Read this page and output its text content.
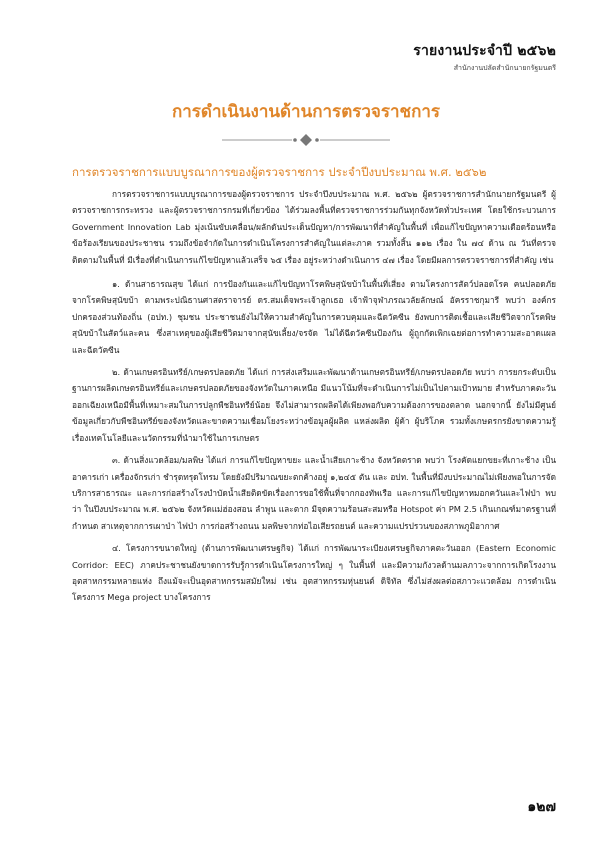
รายงานประจำปี ๒๕๖๒
สำนักงานปลัดสำนักนายกรัฐมนตรี
การดำเนินงานด้านการตรวจราชการ
การตรวจราชการแบบบูรณาการของผู้ตรวจราชการ ประจำปีงบประมาณ พ.ศ. ๒๕๖๒

การตรวจราชการแบบบูรณาการของผู้ตรวจราชการ ประจำปีงบประมาณ พ.ศ. ๒๕๖๒ ผู้ตรวจราชการสำนักนายกรัฐมนตรี ผู้ตรวจราชการกระทรวง และผู้ตรวจราชการกรมที่เกี่ยวข้อง ได้ร่วมลงพื้นที่ตรวจราชการร่วมกันทุกจังหวัดทั่วประเทศ โดยใช้กระบวนการ Government Innovation Lab มุ่งเน้นขับเคลื่อน/ผลักดันประเด็นปัญหา/การพัฒนาที่สำคัญในพื้นที่ เพื่อแก้ไขปัญหาความเดือดร้อนหรือข้อร้องเรียนของประชาชน รวมถึงข้อจำกัดในการดำเนินโครงการสำคัญในแต่ละภาค รวมทั้งสิ้น ๑๑๒ เรื่อง ใน ๗๔ ด้าน ณ วันที่ตรวจติดตามในพื้นที่ มีเรื่องที่ดำเนินการแก้ไขปัญหาแล้วเสร็จ ๖๕ เรื่อง อยู่ระหว่างดำเนินการ ๔๗ เรื่อง โดยมีผลการตรวจราชการที่สำคัญ เช่น

๑. ด้านสาธารณสุข ได้แก่ การป้องกันและแก้ไขปัญหาโรคพิษสุนัขบ้าในพื้นที่เสี่ยง ตามโครงการสัตว์ปลอดโรค คนปลอดภัย จากโรคพิษสุนัขบ้า ตามพระปณิธานศาสตราจารย์ ดร.สมเด็จพระเจ้าลูกเธอ เจ้าฟ้าจุฬาภรณวลัยลักษณ์ อัครราชกุมารี พบว่า องค์กรปกครองส่วนท้องถิ่น (อปท.) ชุมชน ประชาชนยังไม่ให้ความสำคัญในการควบคุมและฉีดวัคซีน ยังพบการติดเชื้อและเสียชีวิตจากโรคพิษสุนัขบ้าในสัตว์และคน ซึ่งสาเหตุของผู้เสียชีวิตมาจากสุนัขเลี้ยง/จรจัด ไม่ได้ฉีดวัคซีนป้องกัน ผู้ถูกกัดเพิกเฉยต่อการทำความสะอาดแผลและฉีดวัคซีน

๒. ด้านเกษตรอินทรีย์/เกษตรปลอดภัย ได้แก่ การส่งเสริมและพัฒนาด้านเกษตรอินทรีย์/เกษตรปลอดภัย พบว่า การยกระดับเป็นฐานการผลิตเกษตรอินทรีย์และเกษตรปลอดภัยของจังหวัดในภาคเหนือ มีแนวโน้มที่จะดำเนินการไม่เป็นไปตามเป้าหมาย สำหรับภาคตะวันออกเฉียงเหนือมีพื้นที่เหมาะสมในการปลูกพืชอินทรีย์น้อย จึงไม่สามารถผลิตได้เพียงพอกับความต้องการของตลาด นอกจากนี้ ยังไม่มีศูนย์ข้อมูลเกี่ยวกับพืชอินทรีย์ของจังหวัดและขาดความเชื่อมโยงระหว่างข้อมูลผู้ผลิต แหล่งผลิต ผู้ค้า ผู้บริโภค รวมทั้งเกษตรกรยังขาดความรู้เรื่องเทคโนโลยีและนวัตกรรมที่นำมาใช้ในการเกษตร

๓. ด้านสิ่งแวดล้อม/มลพิษ ได้แก่ การแก้ไขปัญหาขยะ และน้ำเสียเกาะช้าง จังหวัดตราด พบว่า โรงคัดแยกขยะที่เกาะช้าง เป็นอาคารเก่า เครื่องจักรเก่า ชำรุดทรุดโทรม โดยยังมีปริมาณขยะตกค้างอยู่ ๑,๒๔๕ ตัน และ อปท. ในพื้นที่มีงบประมาณไม่เพียงพอในการจัดบริการสาธารณะ และการก่อสร้างโรงบำบัดน้ำเสียติดขัดเรื่องการขอใช้พื้นที่จากกองทัพเรือ และการแก้ไขปัญหาหมอกควันและไฟป่า พบว่า ในปีงบประมาณ พ.ศ. ๒๕๖๒ จังหวัดแม่ฮ่องสอน ลำพูน และตาก มีจุดความร้อนสะสมหรือ Hotspot ค่า PM 2.5 เกินเกณฑ์มาตรฐานที่กำหนด สาเหตุจากการเผาป่า ไฟป่า การก่อสร้างถนน มลพิษจากท่อไอเสียรถยนต์ และความแปรปรวนของสภาพภูมิอากาศ

๔. โครงการขนาดใหญ่ (ด้านการพัฒนาเศรษฐกิจ) ได้แก่ การพัฒนาระเบียงเศรษฐกิจภาคตะวันออก (Eastern Economic Corridor: EEC) ภาคประชาชนยังขาดการรับรู้การดำเนินโครงการใหญ่ ๆ ในพื้นที่ และมีความกังวลด้านมลภาวะจากการเกิดโรงงานอุตสาหกรรมหลายแห่ง ถึงแม้จะเป็นอุตสาหกรรมสมัยใหม่ เช่น อุตสาหกรรมหุ่นยนต์ ดิจิทัล ซึ่งไม่ส่งผลต่อสภาวะแวดล้อม การดำเนินโครงการ Mega project บางโครงการ

๑๒๗
